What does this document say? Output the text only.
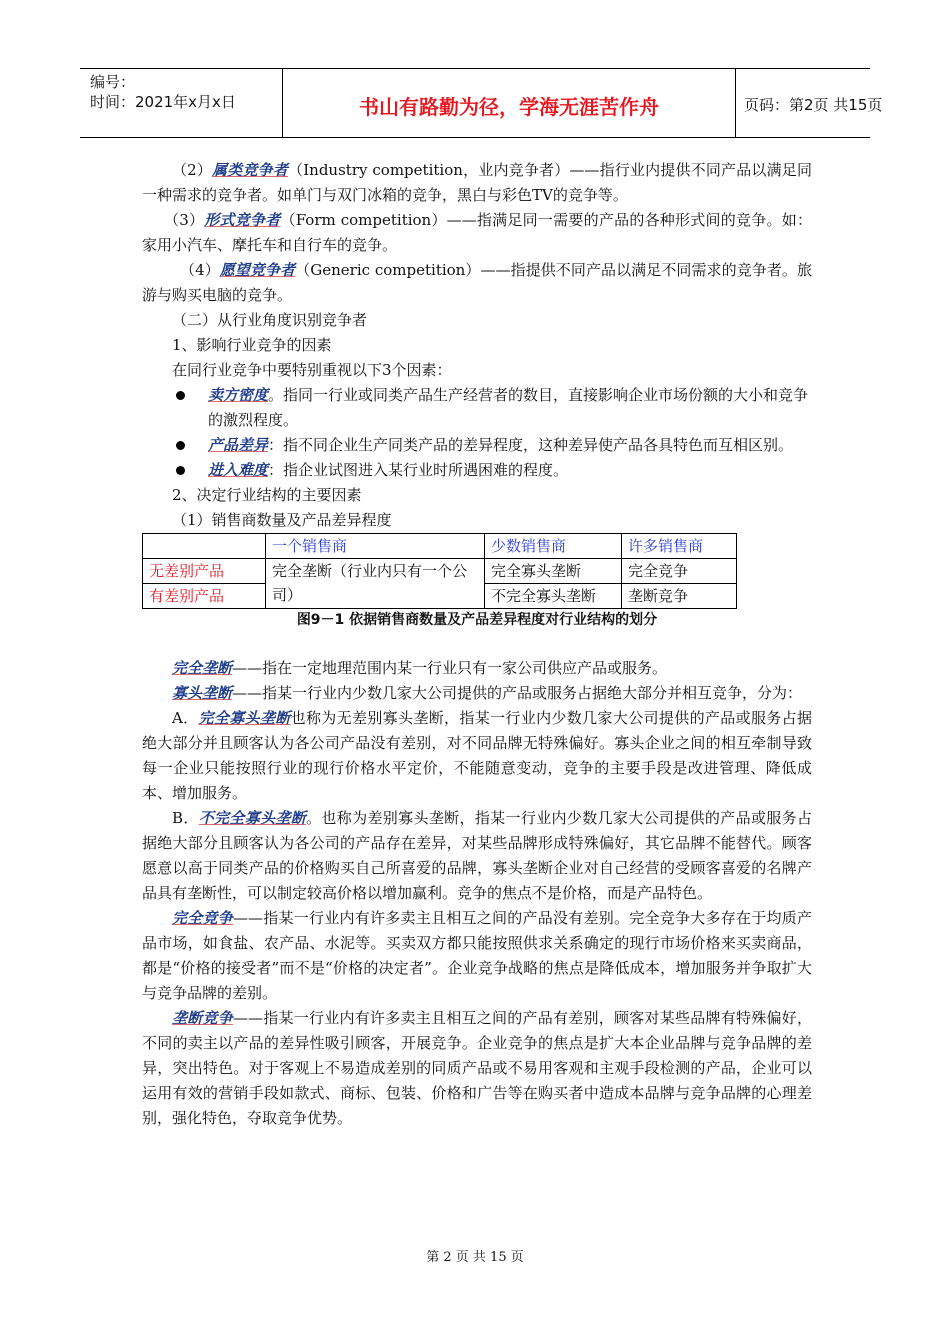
编号：
时间：2021年x月x日	书山有路勤为径，学海无涯苦作舟	页码：第2页 共15页

（2）属类竞争者（Industry competition，业内竞争者）——指行业内提供不同产品以满足同一种需求的竞争者。如单门与双门冰箱的竞争，黑白与彩色TV的竞争等。

（3）形式竞争者（Form competition）——指满足同一需要的产品的各种形式间的竞争。如：家用小汽车、摩托车和自行车的竞争。

（4）愿望竞争者（Generic competition）——指提供不同产品以满足不同需求的竞争者。旅游与购买电脑的竞争。

（二）从行业角度识别竞争者

1、影响行业竞争的因素

在同行业竞争中要特别重视以下3个因素：

卖方密度。指同一行业或同类产品生产经营者的数目，直接影响企业市场份额的大小和竞争的激烈程度。

产品差异：指不同企业生产同类产品的差异程度，这种差异使产品各具特色而互相区别。

进入难度：指企业试图进入某行业时所遇困难的程度。

2、决定行业结构的主要因素

（1）销售商数量及产品差异程度

	一个销售商	少数销售商	许多销售商
无差别产品	完全垄断（行业内只有一个公司）	完全寡头垄断	完全竞争
有差别产品		不完全寡头垄断	垄断竞争

图9－1 依据销售商数量及产品差异程度对行业结构的划分

完全垄断——指在一定地理范围内某一行业只有一家公司供应产品或服务。

寡头垄断——指某一行业内少数几家大公司提供的产品或服务占据绝大部分并相互竞争，分为：

A．完全寡头垄断也称为无差别寡头垄断，指某一行业内少数几家大公司提供的产品或服务占据绝大部分并且顾客认为各公司产品没有差别，对不同品牌无特殊偏好。寡头企业之间的相互牵制导致每一企业只能按照行业的现行价格水平定价，不能随意变动，竞争的主要手段是改进管理、降低成本、增加服务。

B．不完全寡头垄断。也称为差别寡头垄断，指某一行业内少数几家大公司提供的产品或服务占据绝大部分且顾客认为各公司的产品存在差异，对某些品牌形成特殊偏好，其它品牌不能替代。顾客愿意以高于同类产品的价格购买自己所喜爱的品牌，寡头垄断企业对自己经营的受顾客喜爱的名牌产品具有垄断性，可以制定较高价格以增加赢利。竞争的焦点不是价格，而是产品特色。

完全竞争——指某一行业内有许多卖主且相互之间的产品没有差别。完全竞争大多存在于均质产品市场，如食盐、农产品、水泥等。买卖双方都只能按照供求关系确定的现行市场价格来买卖商品，都是“价格的接受者”而不是“价格的决定者”。企业竞争战略的焦点是降低成本，增加服务并争取扩大与竞争品牌的差别。

垄断竞争——指某一行业内有许多卖主且相互之间的产品有差别，顾客对某些品牌有特殊偏好，不同的卖主以产品的差异性吸引顾客，开展竞争。企业竞争的焦点是扩大本企业品牌与竞争品牌的差异，突出特色。对于客观上不易造成差别的同质产品或不易用客观和主观手段检测的产品，企业可以运用有效的营销手段如款式、商标、包装、价格和广告等在购买者中造成本品牌与竞争品牌的心理差别，强化特色，夺取竞争优势。

第 2 页 共 15 页
